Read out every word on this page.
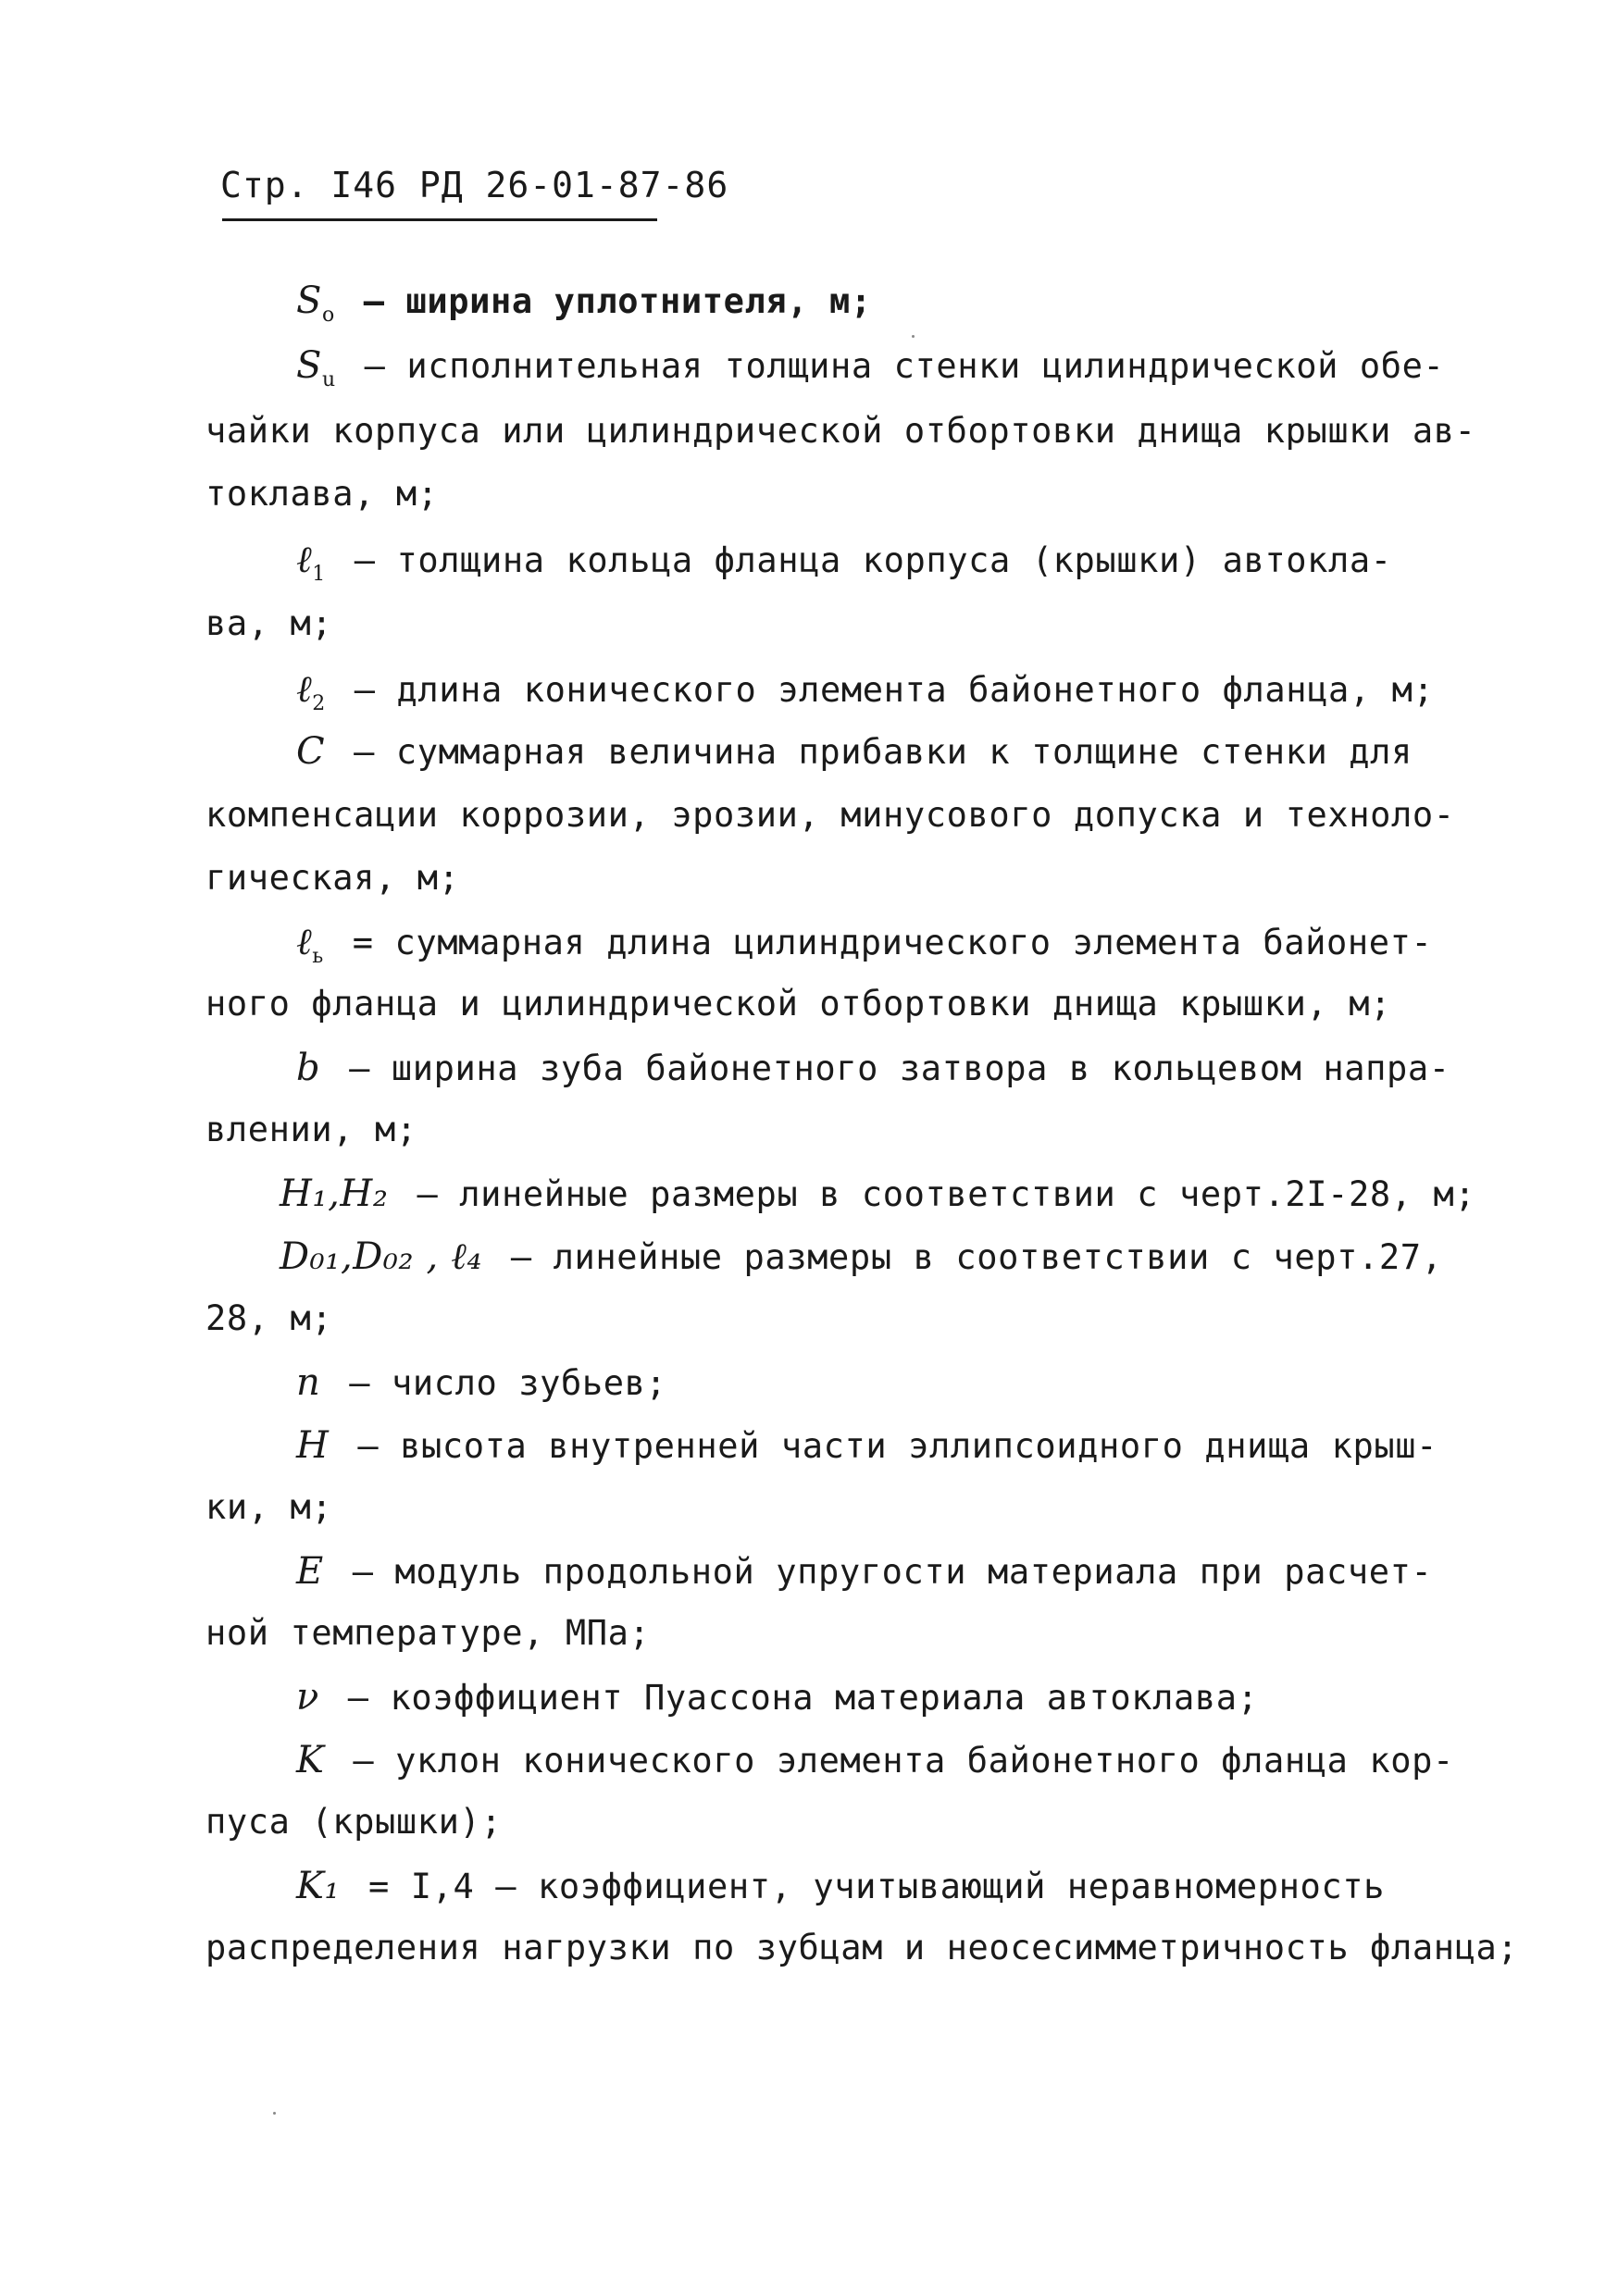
Стр. I46 РД 26-01-87-86
$S_o$ – ширина уплотнителя, м;
$S_u$ – исполнительная толщина стенки цилиндрической обе-
чайки корпуса или цилиндрической отбортовки днища крышки ав-
токлава, м;
ℓ$_1$ – толщина кольца фланца корпуса (крышки) автокла-
ва, м;
ℓ$_2$ – длина конического элемента байонетного фланца, м;
C – суммарная величина прибавки к толщине стенки для
компенсации коррозии, эрозии, минусового допуска и техноло-
гическая, м;
ℓ$_ь$ = суммарная длина цилиндрического элемента байонет-
ного фланца и цилиндрической отбортовки днища крышки, м;
b – ширина зуба байонетного затвора в кольцевом напра-
влении, м;
H₁,H₂ – линейные размеры в соответствии с черт.2I-28, м;
D₀₁,D₀₂ , ℓ₄ – линейные размеры в соответствии с черт.27,
28, м;
n – число зубьев;
H – высота внутренней части эллипсоидного днища крыш-
ки, м;
E – модуль продольной упругости материала при расчет-
ной температуре, МПа;
ν – коэффициент Пуассона материала автоклава;
K – уклон конического элемента байонетного фланца кор-
пуса (крышки);
K₁ = I,4 – коэффициент, учитывающий неравномерность
распределения нагрузки по зубцам и неосесимметричность фланца;
